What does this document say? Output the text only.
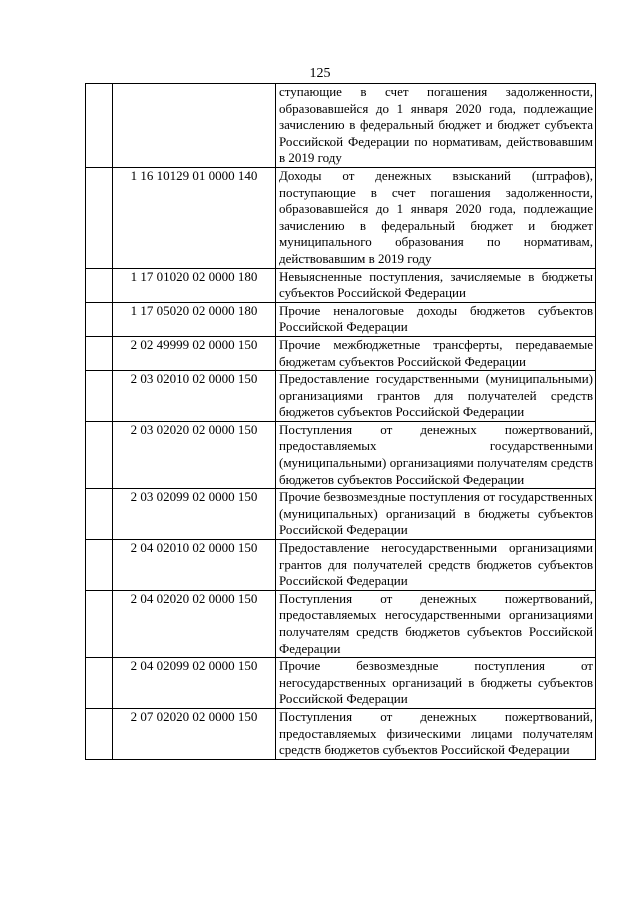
125
		ступающие в счет погашения задолженности, образовавшейся до 1 января 2020 года, подлежащие зачислению в федеральный бюджет и бюджет субъекта Российской Федерации по нормативам, действовавшим в 2019 году
	1 16 10129 01 0000 140	Доходы от денежных взысканий (штрафов), поступающие в счет погашения задолженности, образовавшейся до 1 января 2020 года, подлежащие зачислению в федеральный бюджет и бюджет муниципального образования по нормативам, действовавшим в 2019 году
	1 17 01020 02 0000 180	Невыясненные поступления, зачисляемые в бюджеты субъектов Российской Федерации
	1 17 05020 02 0000 180	Прочие неналоговые доходы бюджетов субъектов Российской Федерации
	2 02 49999 02 0000 150	Прочие межбюджетные трансферты, передаваемые бюджетам субъектов Российской Федерации
	2 03 02010 02 0000 150	Предоставление государственными (муниципальными) организациями грантов для получателей средств бюджетов субъектов Российской Федерации
	2 03 02020 02 0000 150	Поступления от денежных пожертвований, предоставляемых государственными (муниципальными) организациями получателям средств бюджетов субъектов Российской Федерации
	2 03 02099 02 0000 150	Прочие безвозмездные поступления от государственных (муниципальных) организаций в бюджеты субъектов Российской Федерации
	2 04 02010 02 0000 150	Предоставление негосударственными организациями грантов для получателей средств бюджетов субъектов Российской Федерации
	2 04 02020 02 0000 150	Поступления от денежных пожертвований, предоставляемых негосударственными организациями получателям средств бюджетов субъектов Российской Федерации
	2 04 02099 02 0000 150	Прочие безвозмездные поступления от негосударственных организаций в бюджеты субъектов Российской Федерации
	2 07 02020 02 0000 150	Поступления от денежных пожертвований, предоставляемых физическими лицами получателям средств бюджетов субъектов Российской Федерации
